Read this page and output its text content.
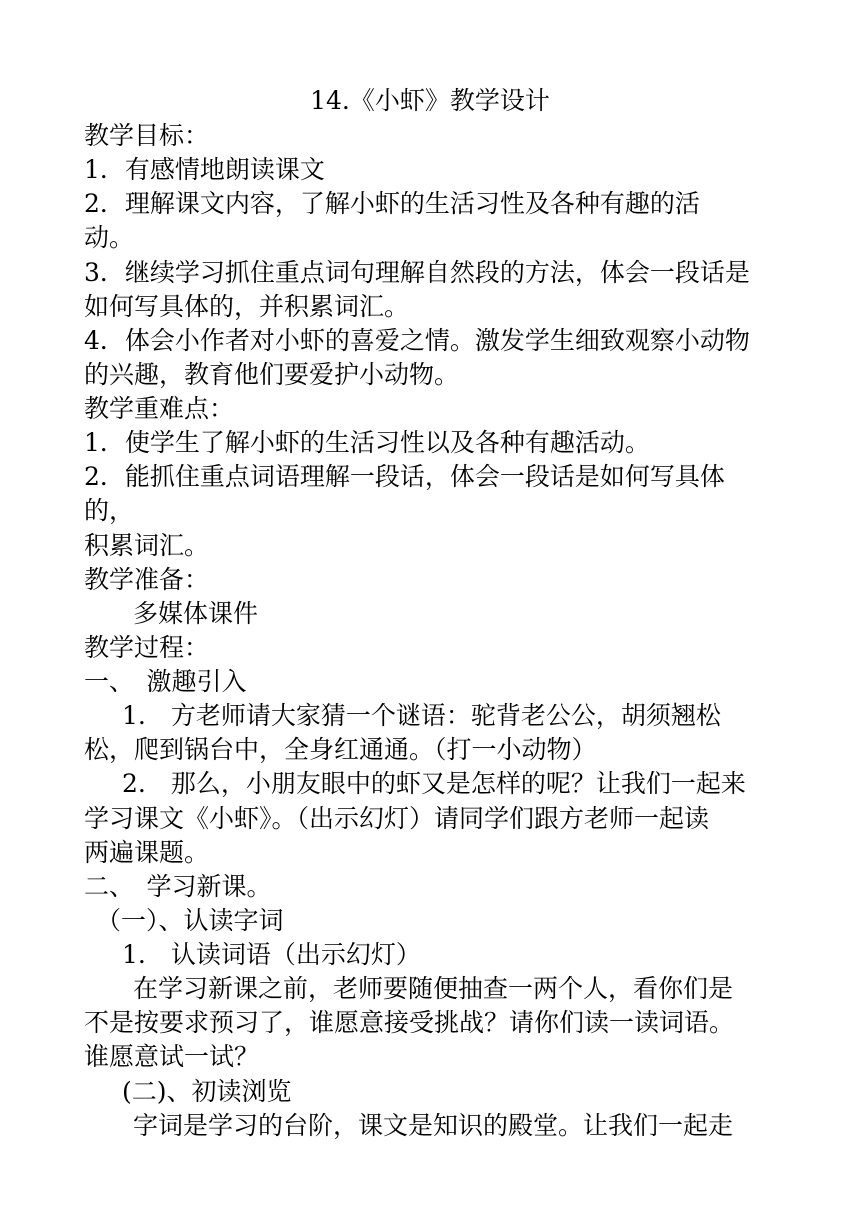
14.《小虾》教学设计
教学目标：
1．有感情地朗读课文
2．理解课文内容，了解小虾的生活习性及各种有趣的活
动。
3．继续学习抓住重点词句理解自然段的方法，体会一段话是
如何写具体的，并积累词汇。
4．体会小作者对小虾的喜爱之情。激发学生细致观察小动物
的兴趣，教育他们要爱护小动物。
教学重难点：
1．使学生了解小虾的生活习性以及各种有趣活动。
2．能抓住重点词语理解一段话，体会一段话是如何写具体
的，
积累词汇。
教学准备：
多媒体课件
教学过程：
一、　激趣引入
1.　方老师请大家猜一个谜语：驼背老公公，胡须翘松
松，爬到锅台中，全身红通通。（打一小动物）
2.　那么，小朋友眼中的虾又是怎样的呢？让我们一起来
学习课文《小虾》。（出示幻灯）请同学们跟方老师一起读
两遍课题。
二、　学习新课。
（一）、认读字词
1.　认读词语（出示幻灯）
在学习新课之前，老师要随便抽查一两个人，看你们是
不是按要求预习了，谁愿意接受挑战？请你们读一读词语。
谁愿意试一试？
(二)、初读浏览
字词是学习的台阶，课文是知识的殿堂。让我们一起走
